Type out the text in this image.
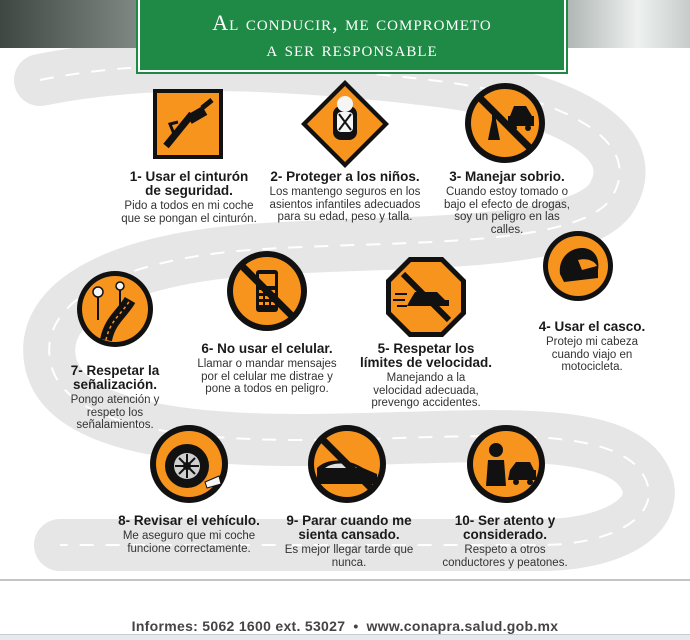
Al conducir, me comprometo
a ser responsable
1- Usar el cinturón
de seguridad.
Pido a todos en mi coche
que se pongan el cinturón.
2- Proteger a los niños.
Los mantengo seguros en los
asientos infantiles adecuados
para su edad, peso y talla.
3- Manejar sobrio.
Cuando estoy tomado o
bajo el efecto de drogas,
soy un peligro en las
calles.
4- Usar el casco.
Protejo mi cabeza
cuando viajo en
motocicleta.
5- Respetar los
límites de velocidad.
Manejando a la
velocidad adecuada,
prevengo accidentes.
6- No usar el celular.
Llamar o mandar mensajes
por el celular me distrae y
pone a todos en peligro.
7- Respetar la
señalización.
Pongo atención y
respeto los
señalamientos.
8- Revisar el vehículo.
Me aseguro que mi coche
funcione correctamente.
9- Parar cuando me
sienta cansado.
Es mejor llegar tarde que
nunca.
10- Ser atento y
considerado.
Respeto a otros
conductores y peatones.
Informes: 5062 1600 ext. 53027 • www.conapra.salud.gob.mx
